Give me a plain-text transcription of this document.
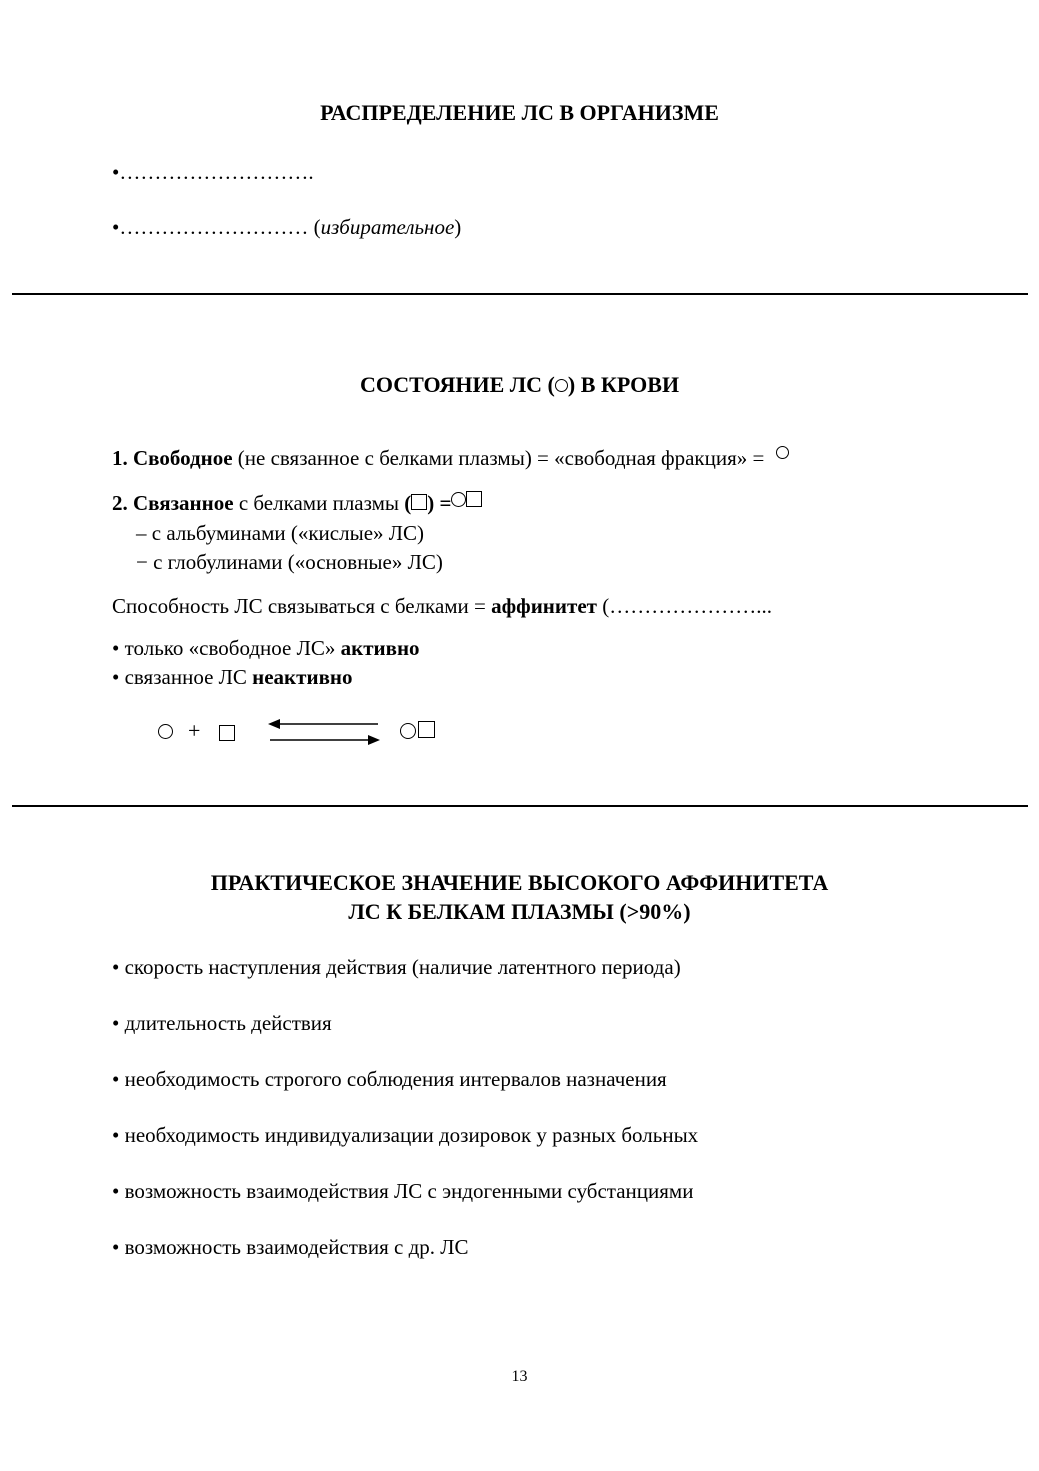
РАСПРЕДЕЛЕНИЕ ЛС В ОРГАНИЗМЕ
•……………………….
•……………………… (избирательное)
СОСТОЯНИЕ ЛС ( ) В КРОВИ
1. Свободное (не связанное с белками плазмы) = «свободная фракция» =
2. Связанное с белками плазмы ( ) =
– с альбуминами («кислые» ЛС)
− с глобулинами («основные» ЛС)
Способность ЛС связываться с белками = аффинитет (…………………...
• только «свободное ЛС» активно
• связанное ЛС неактивно
+
ПРАКТИЧЕСКОЕ ЗНАЧЕНИЕ ВЫСОКОГО АФФИНИТЕТА
ЛС К БЕЛКАМ ПЛАЗМЫ (>90%)
• скорость наступления действия (наличие латентного периода)
• длительность действия
• необходимость строгого соблюдения интервалов назначения
• необходимость индивидуализации дозировок у разных больных
• возможность взаимодействия ЛС с эндогенными субстанциями
• возможность взаимодействия с др. ЛС
13
